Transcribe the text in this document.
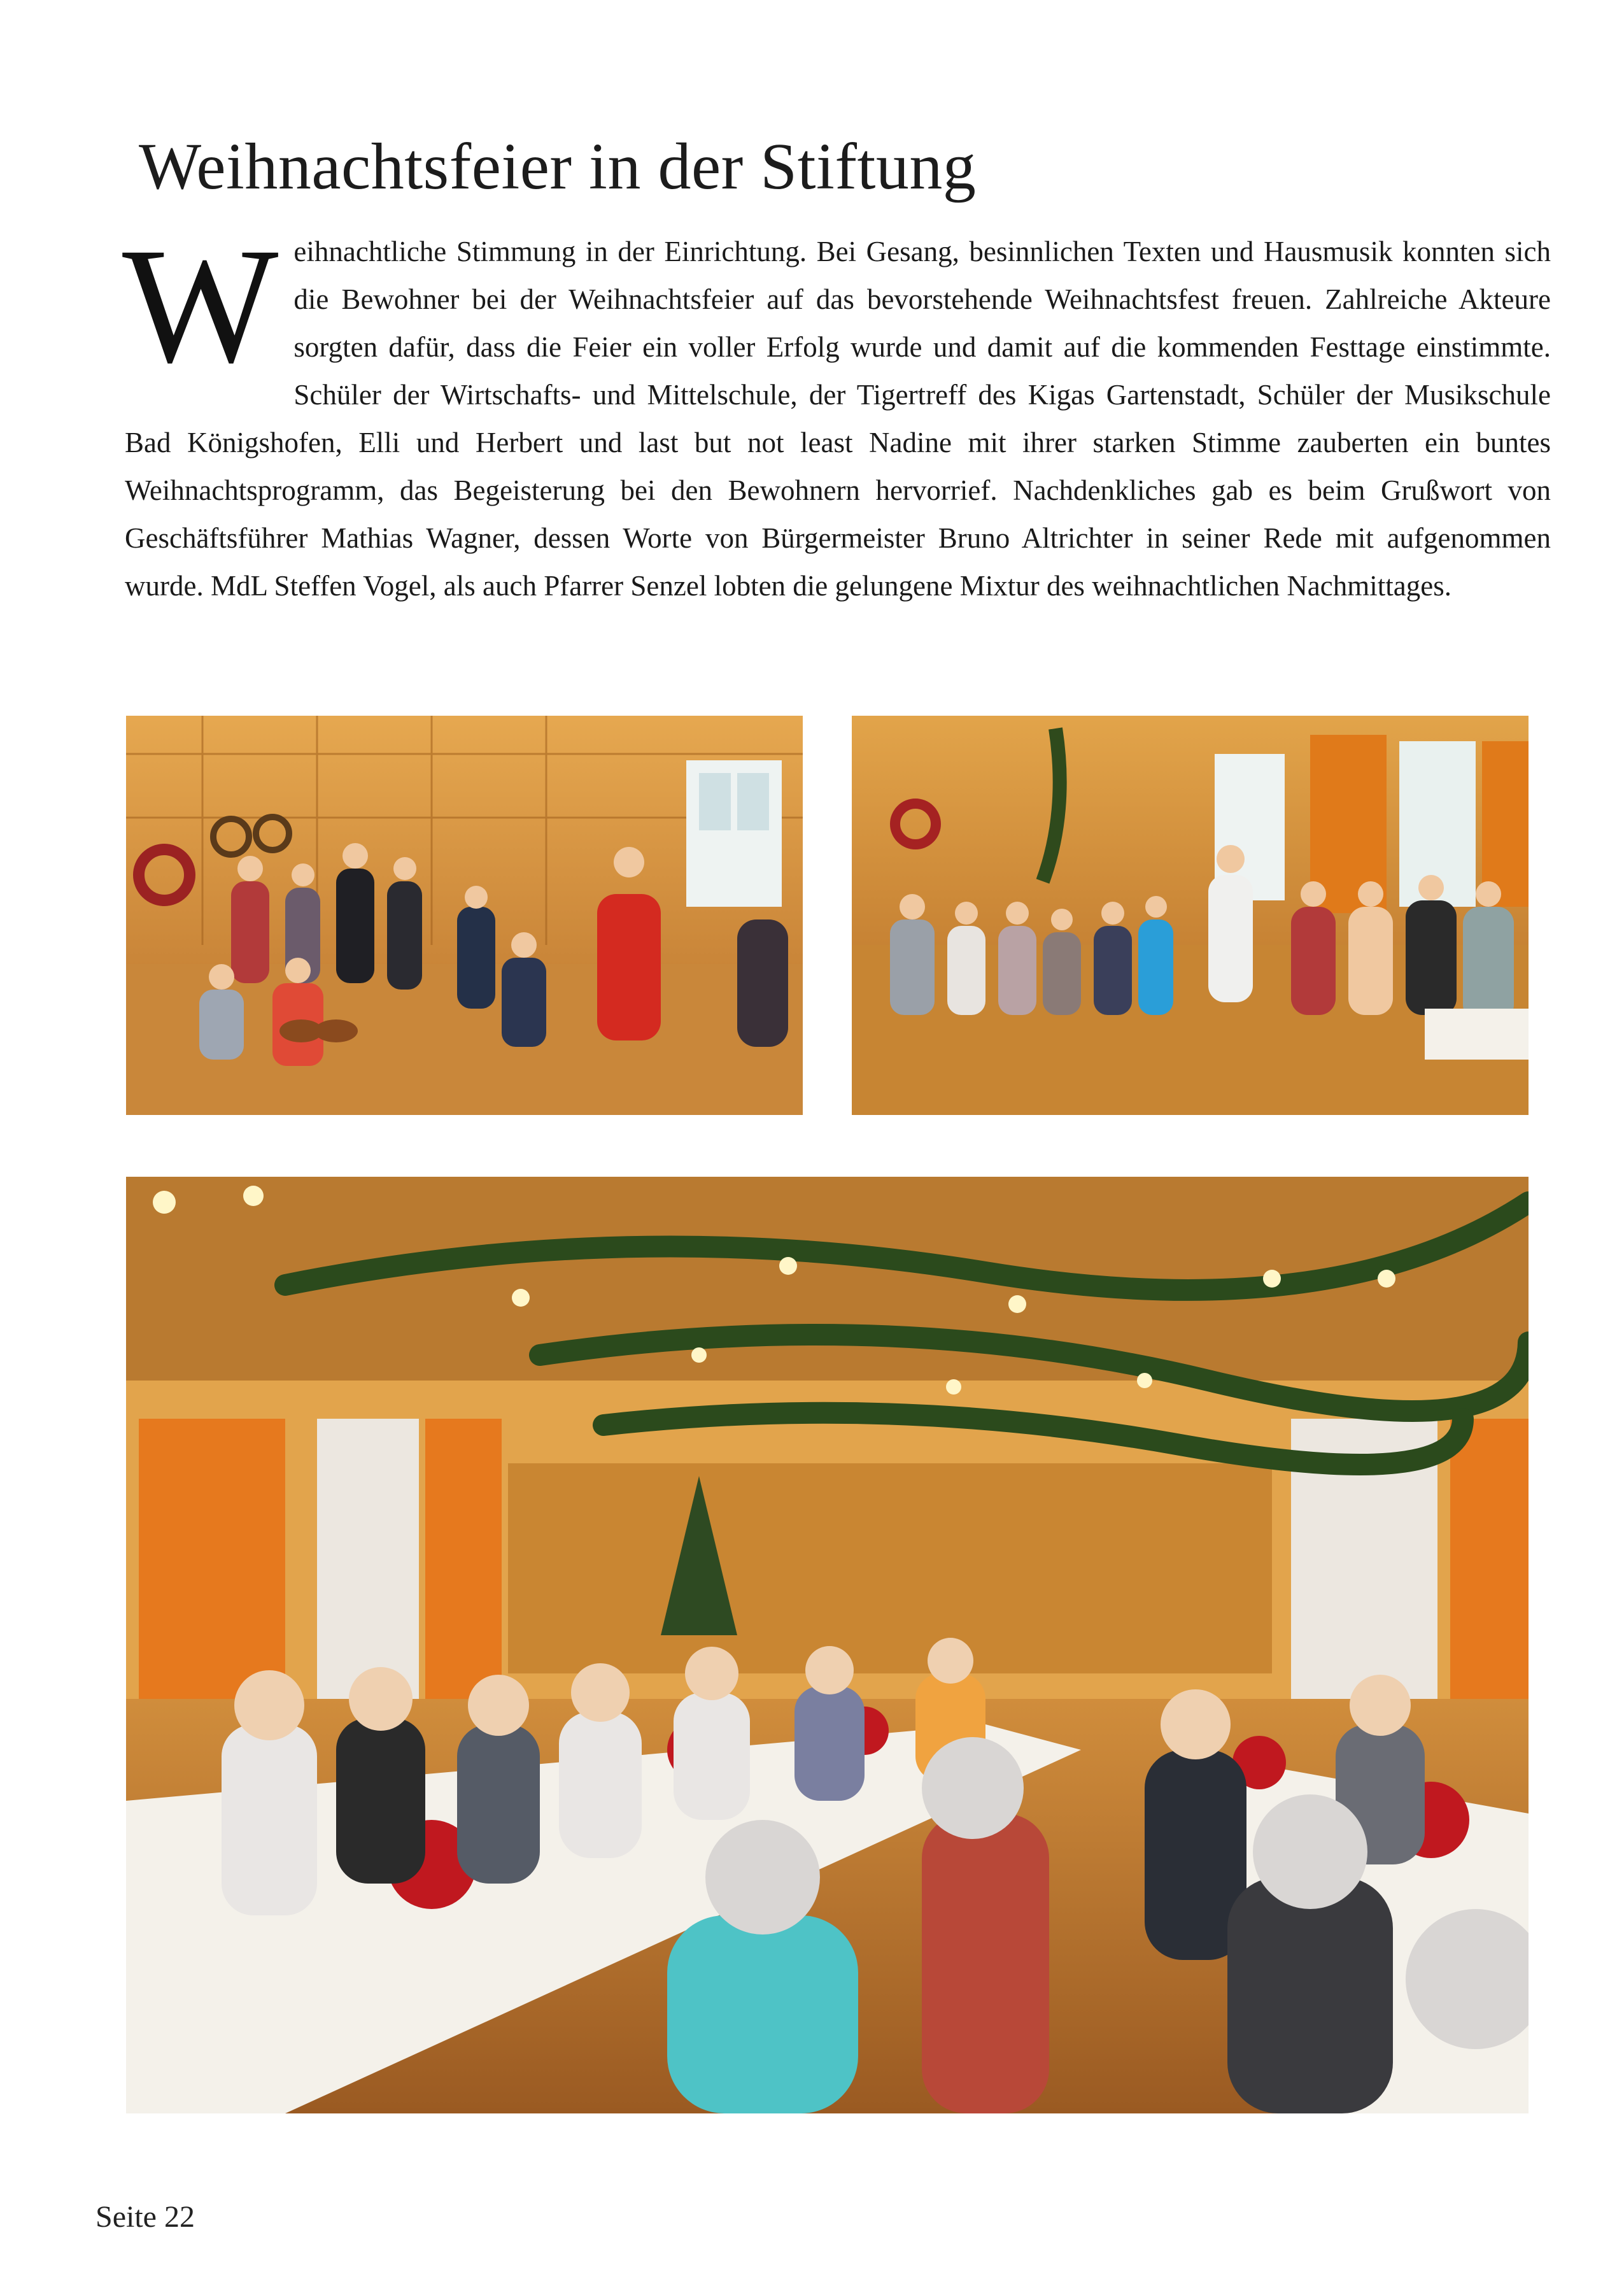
Weihnachtsfeier in der Stiftung

Weihnachtliche Stimmung in der Einrichtung. Bei Gesang, besinnlichen Texten und Hausmusik konnten sich die Bewohner bei der Weihnachtsfeier auf das bevorstehende Weihnachtsfest freuen. Zahlreiche Akteure sorgten dafür, dass die Feier ein voller Erfolg wurde und damit auf die kommenden Festtage einstimmte. Schüler der Wirtschafts- und Mittelschule, der Tigertreff des Kigas Gartenstadt, Schüler der Musikschule Bad Königshofen, Elli und Herbert und last but not least Nadine mit ihrer starken Stimme zauberten ein buntes Weihnachtsprogramm, das Begeisterung bei den Bewohnern hervorrief. Nachdenkliches gab es beim Grußwort von Geschäftsführer Mathias Wagner, dessen Worte von Bürgermeister Bruno Altrichter in seiner Rede mit aufgenommen wurde. MdL Steffen Vogel, als auch Pfarrer Senzel lobten die gelungene Mixtur des weihnachtlichen Nachmittages.

Seite 22
